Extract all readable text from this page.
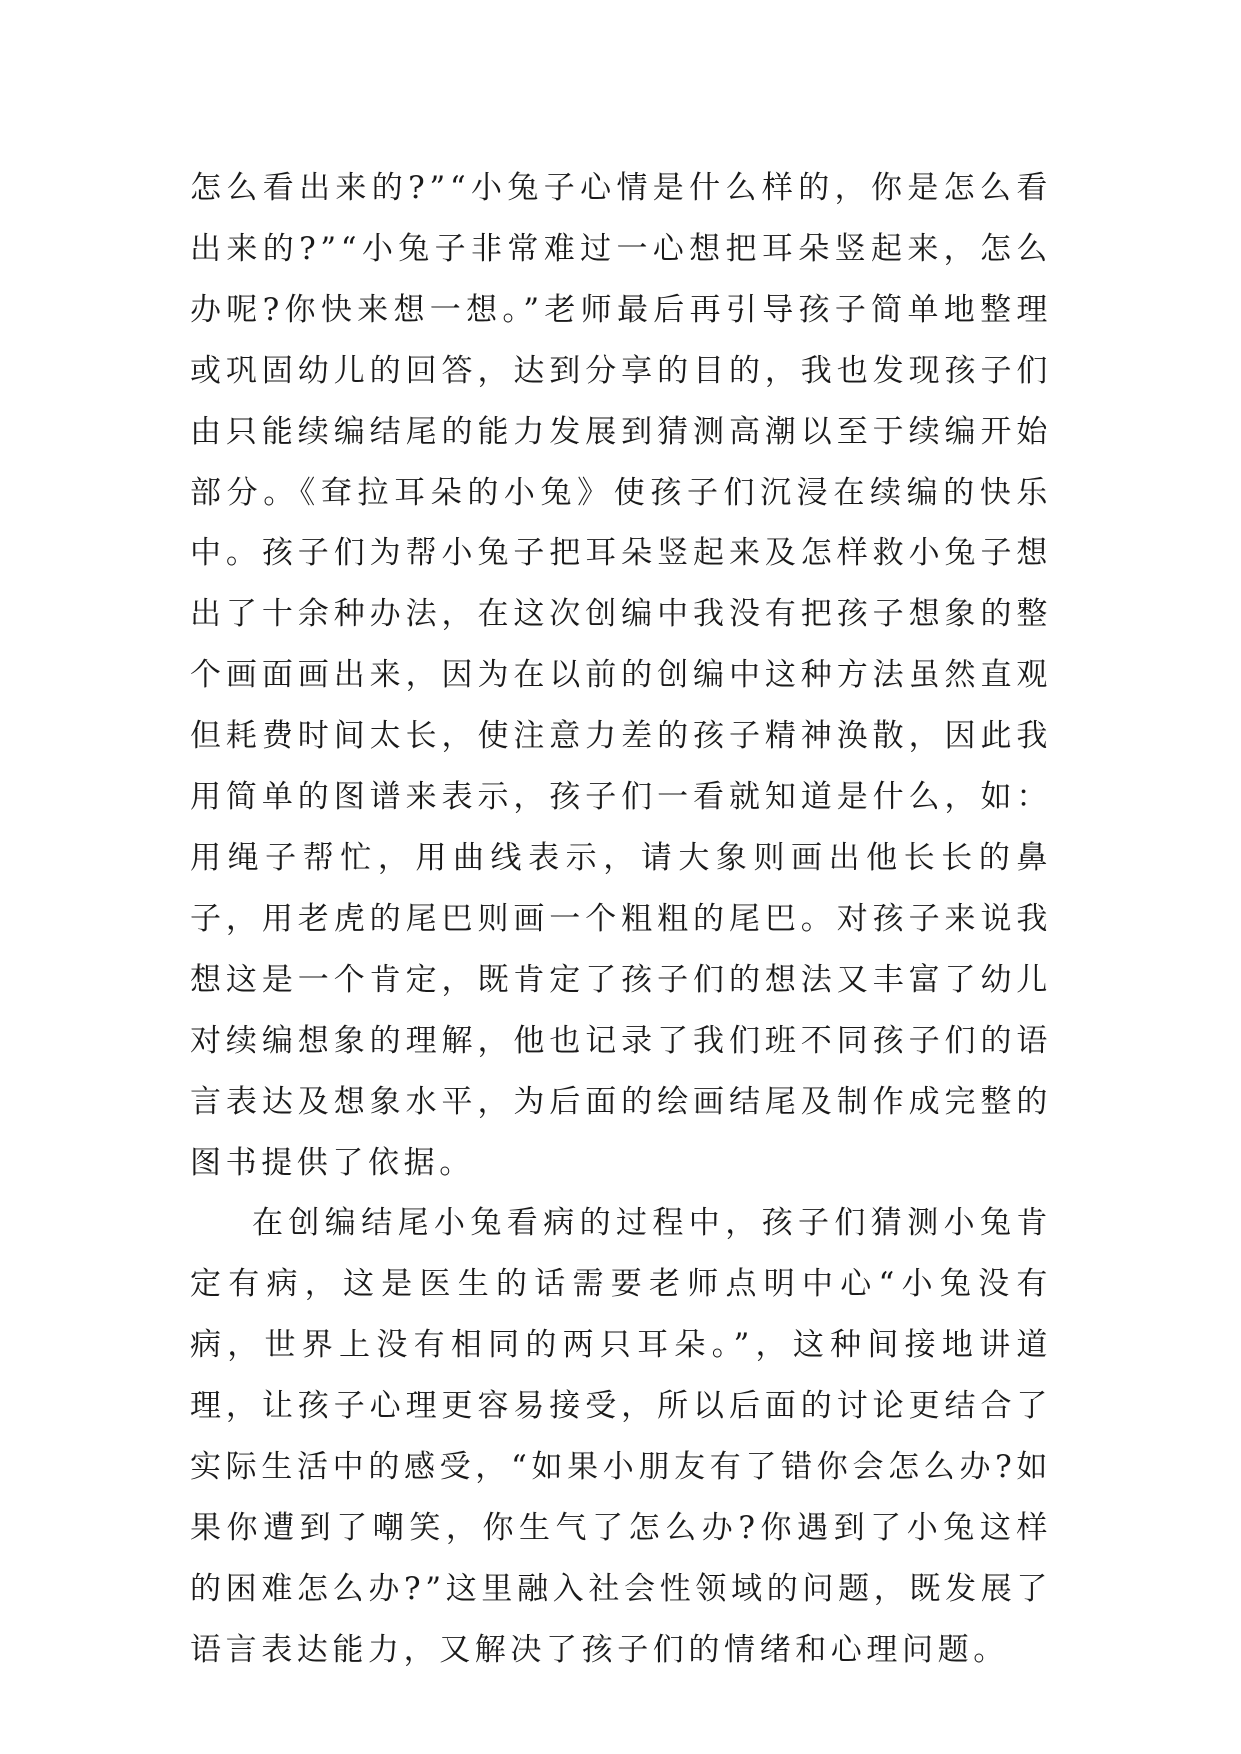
怎么看出来的?”“小兔子心情是什么样的，你是怎么看出来的?”“小兔子非常难过一心想把耳朵竖起来，怎么办呢?你快来想一想。”老师最后再引导孩子简单地整理或巩固幼儿的回答，达到分享的目的，我也发现孩子们由只能续编结尾的能力发展到猜测高潮以至于续编开始部分。《耷拉耳朵的小兔》使孩子们沉浸在续编的快乐中。孩子们为帮小兔子把耳朵竖起来及怎样救小兔子想出了十余种办法，在这次创编中我没有把孩子想象的整个画面画出来，因为在以前的创编中这种方法虽然直观但耗费时间太长，使注意力差的孩子精神涣散，因此我用简单的图谱来表示，孩子们一看就知道是什么，如：用绳子帮忙，用曲线表示，请大象则画出他长长的鼻子，用老虎的尾巴则画一个粗粗的尾巴。对孩子来说我想这是一个肯定，既肯定了孩子们的想法又丰富了幼儿对续编想象的理解，他也记录了我们班不同孩子们的语言表达及想象水平，为后面的绘画结尾及制作成完整的图书提供了依据。

在创编结尾小兔看病的过程中，孩子们猜测小兔肯定有病，这是医生的话需要老师点明中心“小兔没有病，世界上没有相同的两只耳朵。”，这种间接地讲道理，让孩子心理更容易接受，所以后面的讨论更结合了实际生活中的感受，“如果小朋友有了错你会怎么办?如果你遭到了嘲笑，你生气了怎么办?你遇到了小兔这样的困难怎么办?”这里融入社会性领域的问题，既发展了语言表达能力，又解决了孩子们的情绪和心理问题。
